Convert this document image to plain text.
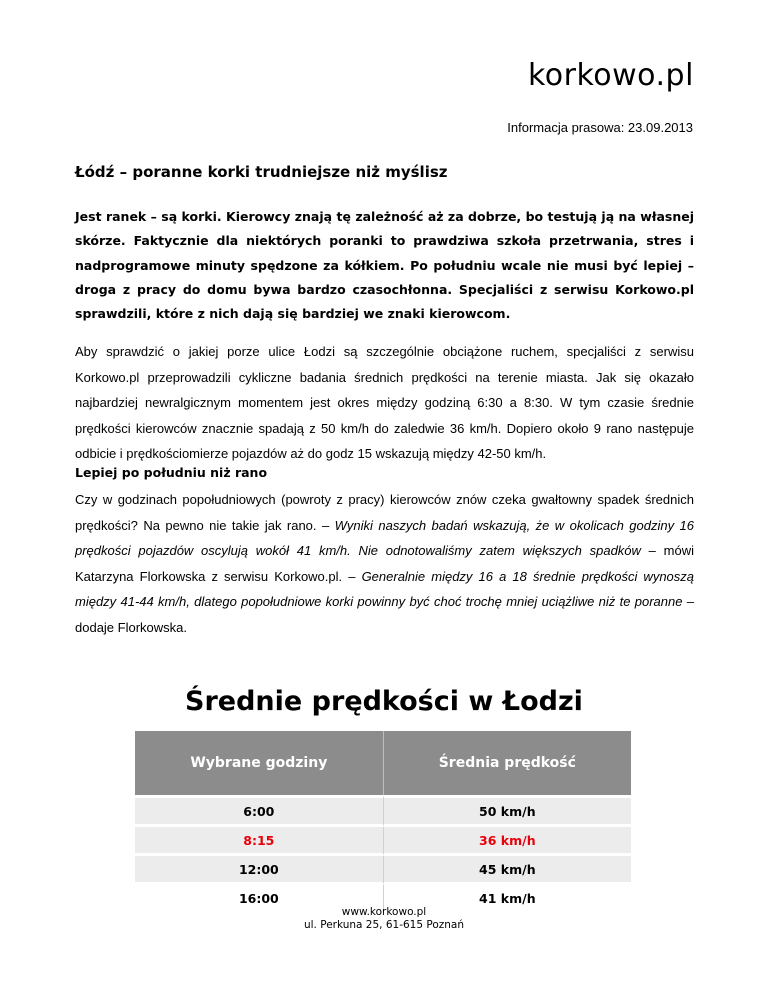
korkowo.pl
Informacja prasowa: 23.09.2013
Łódź – poranne korki trudniejsze niż myślisz

Jest ranek – są korki. Kierowcy znają tę zależność aż za dobrze, bo testują ją na własnej skórze. Faktycznie dla niektórych poranki to prawdziwa szkoła przetrwania, stres i nadprogramowe minuty spędzone za kółkiem. Po południu wcale nie musi być lepiej – droga z pracy do domu bywa bardzo czasochłonna. Specjaliści z serwisu Korkowo.pl sprawdzili, które z nich dają się bardziej we znaki kierowcom.

Aby sprawdzić o jakiej porze ulice Łodzi są szczególnie obciążone ruchem, specjaliści z serwisu Korkowo.pl przeprowadzili cykliczne badania średnich prędkości na terenie miasta. Jak się okazało najbardziej newralgicznym momentem jest okres między godziną 6:30 a 8:30. W tym czasie średnie prędkości kierowców znacznie spadają z 50 km/h do zaledwie 36 km/h. Dopiero około 9 rano następuje odbicie i prędkościomierze pojazdów aż do godz 15 wskazują między 42-50 km/h.

Lepiej po południu niż rano

Czy w godzinach popołudniowych (powroty z pracy) kierowców znów czeka gwałtowny spadek średnich prędkości? Na pewno nie takie jak rano. – Wyniki naszych badań wskazują, że w okolicach godziny 16 prędkości pojazdów oscylują wokół 41 km/h. Nie odnotowaliśmy zatem większych spadków – mówi Katarzyna Florkowska z serwisu Korkowo.pl. – Generalnie między 16 a 18 średnie prędkości wynoszą między 41-44 km/h, dlatego popołudniowe korki powinny być choć trochę mniej uciążliwe niż te poranne – dodaje Florkowska.

Średnie prędkości w Łodzi
Wybrane godziny	Średnia prędkość
6:00	50 km/h
8:15	36 km/h
12:00	45 km/h
16:00	41 km/h
www.korkowo.pl
ul. Perkuna 25, 61-615 Poznań
